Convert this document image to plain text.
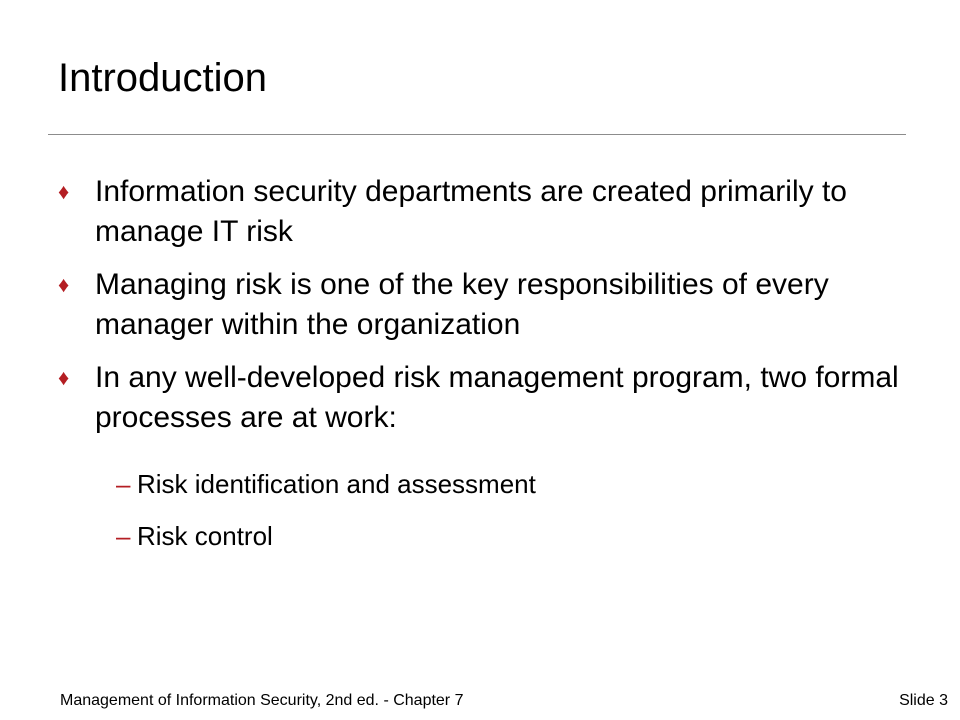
Introduction
♦ Information security departments are created primarily to manage IT risk
♦ Managing risk is one of the key responsibilities of every manager within the organization
♦ In any well-developed risk management program, two formal processes are at work:
– Risk identification and assessment
– Risk control
Management of Information Security, 2nd ed. - Chapter 7	Slide 3
